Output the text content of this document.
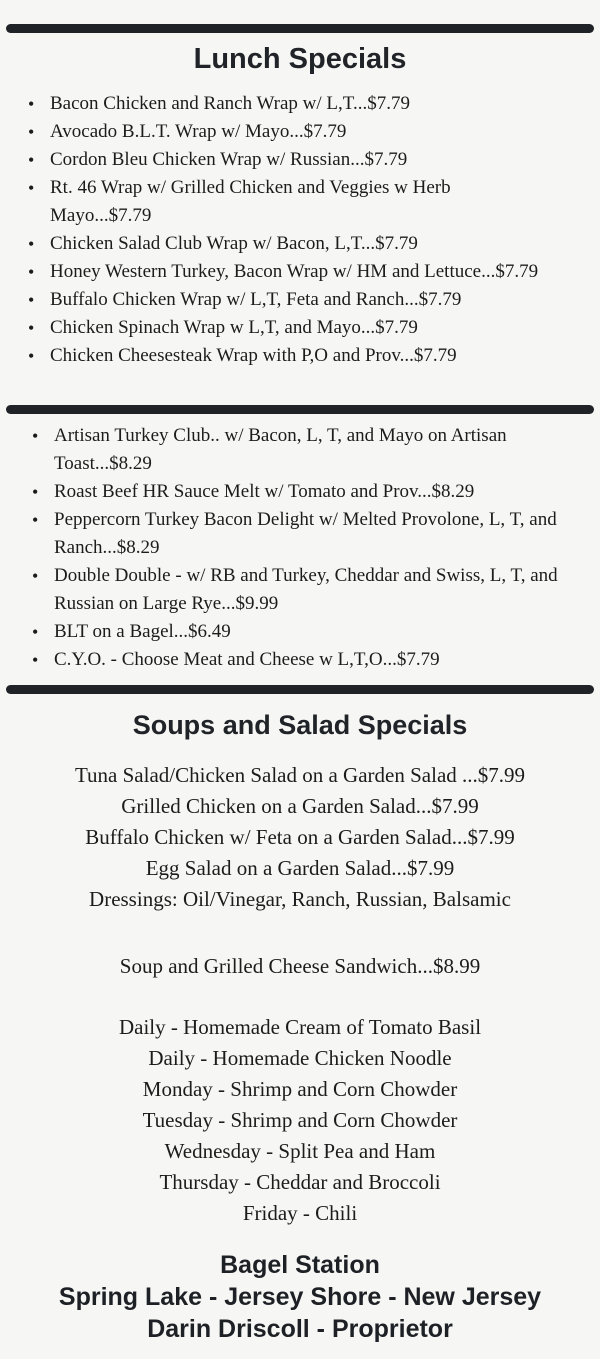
Lunch Specials
• Bacon Chicken and Ranch Wrap w/ L,T...$7.79
• Avocado B.L.T. Wrap w/ Mayo...$7.79
• Cordon Bleu Chicken Wrap w/ Russian...$7.79
• Rt. 46 Wrap w/ Grilled Chicken and Veggies w Herb Mayo...$7.79
• Chicken Salad Club Wrap w/ Bacon, L,T...$7.79
• Honey Western Turkey, Bacon Wrap w/ HM and Lettuce...$7.79
• Buffalo Chicken Wrap w/ L,T, Feta and Ranch...$7.79
• Chicken Spinach Wrap w L,T, and Mayo...$7.79
• Chicken Cheesesteak Wrap with P,O and Prov...$7.79
• Artisan Turkey Club.. w/ Bacon, L, T, and Mayo on Artisan Toast...$8.29
• Roast Beef HR Sauce Melt w/ Tomato and Prov...$8.29
• Peppercorn Turkey Bacon Delight w/ Melted Provolone, L, T, and Ranch...$8.29
• Double Double - w/ RB and Turkey, Cheddar and Swiss, L, T, and Russian on Large Rye...$9.99
• BLT on a Bagel...$6.49
• C.Y.O. - Choose Meat and Cheese w L,T,O...$7.79
Soups and Salad Specials
Tuna Salad/Chicken Salad on a Garden Salad ...$7.99
Grilled Chicken on a Garden Salad...$7.99
Buffalo Chicken w/ Feta on a Garden Salad...$7.99
Egg Salad on a Garden Salad...$7.99
Dressings: Oil/Vinegar, Ranch, Russian, Balsamic
Soup and Grilled Cheese Sandwich...$8.99
Daily - Homemade Cream of Tomato Basil
Daily - Homemade Chicken Noodle
Monday - Shrimp and Corn Chowder
Tuesday - Shrimp and Corn Chowder
Wednesday - Split Pea and Ham
Thursday - Cheddar and Broccoli
Friday - Chili
Bagel Station
Spring Lake - Jersey Shore - New Jersey
Darin Driscoll - Proprietor
